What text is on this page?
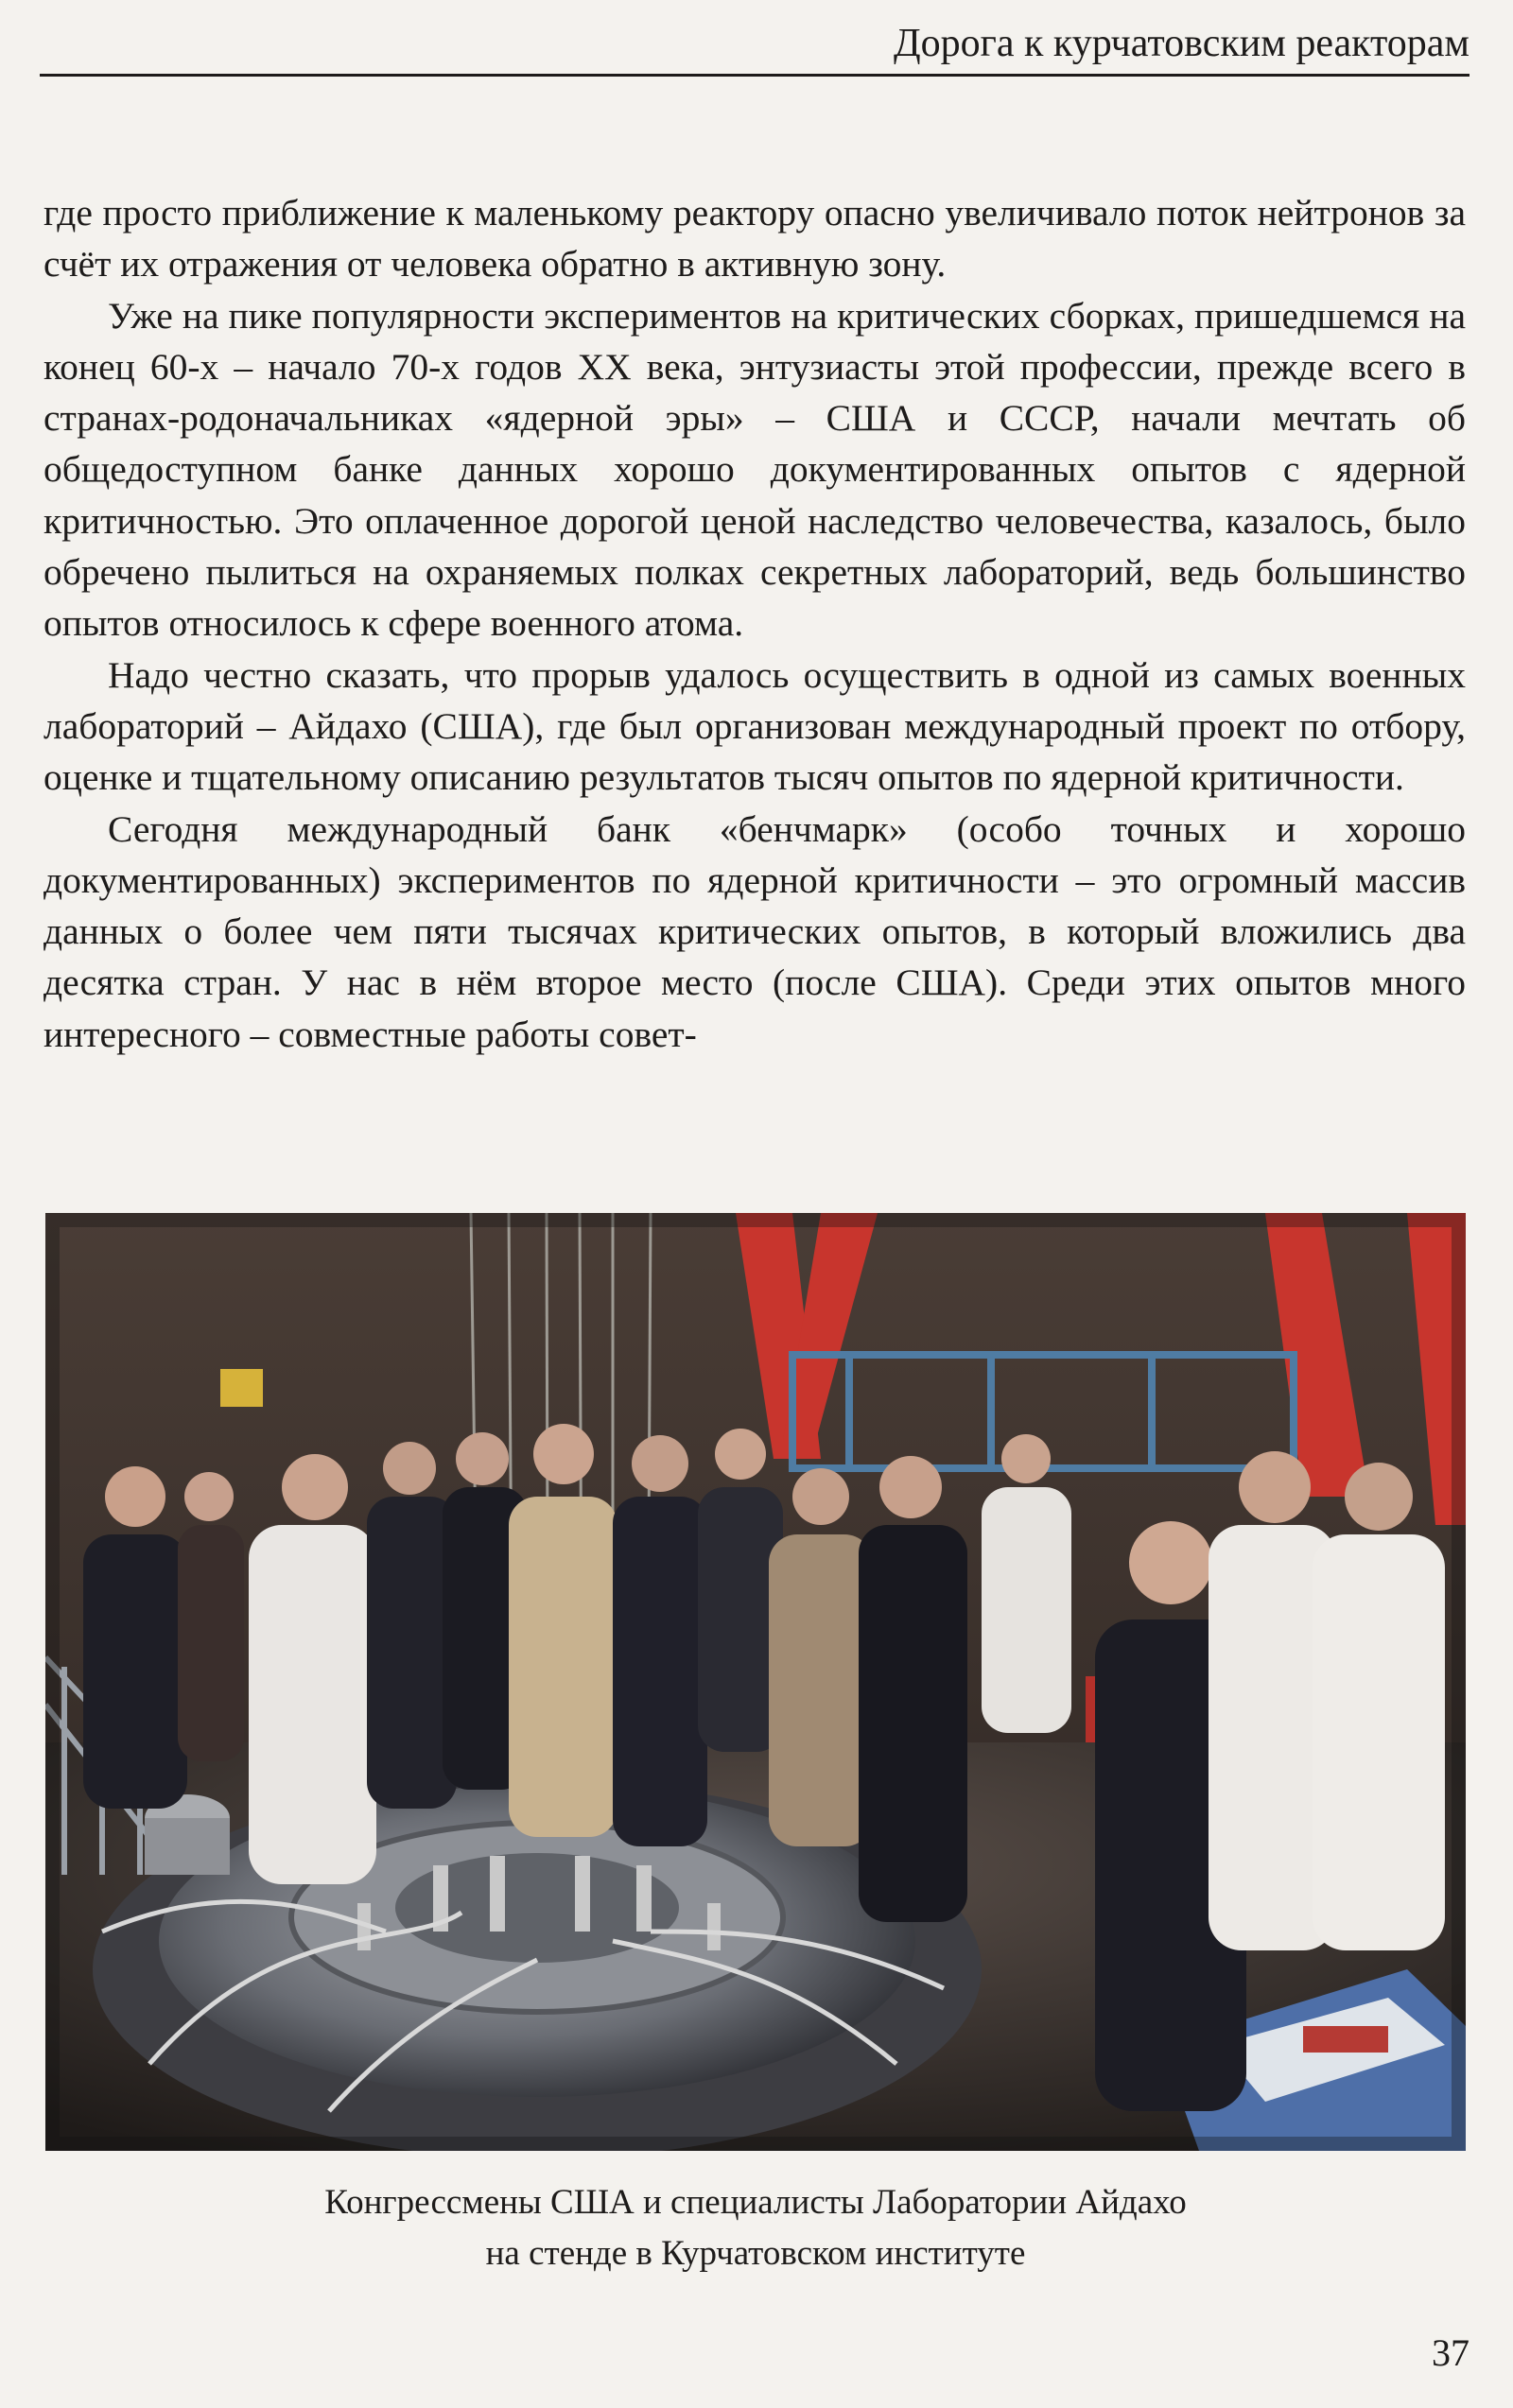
Дорога к курчатовским реакторам

где просто приближение к маленькому реактору опасно увеличивало поток нейтронов за счёт их отражения от человека обратно в активную зону.

Уже на пике популярности экспериментов на критических сборках, пришедшемся на конец 60-х – начало 70-х годов XX века, энтузиасты этой профессии, прежде всего в странах-родоначальниках «ядерной эры» – США и СССР, начали мечтать об общедоступном банке данных хорошо документированных опытов с ядерной критичностью. Это оплаченное дорогой ценой наследство человечества, казалось, было обречено пылиться на охраняемых полках секретных лабораторий, ведь большинство опытов относилось к сфере военного атома.

Надо честно сказать, что прорыв удалось осуществить в одной из самых военных лабораторий – Айдахо (США), где был организован международный проект по отбору, оценке и тщательному описанию результатов тысяч опытов по ядерной критичности.

Сегодня международный банк «бенчмарк» (особо точных и хорошо документированных) экспериментов по ядерной критичности – это огромный массив данных о более чем пяти тысячах критических опытов, в который вложились два десятка стран. У нас в нём второе место (после США). Среди этих опытов много интересного – совместные работы совет-

Конгрессмены США и специалисты Лаборатории Айдахо
на стенде в Курчатовском институте
37
